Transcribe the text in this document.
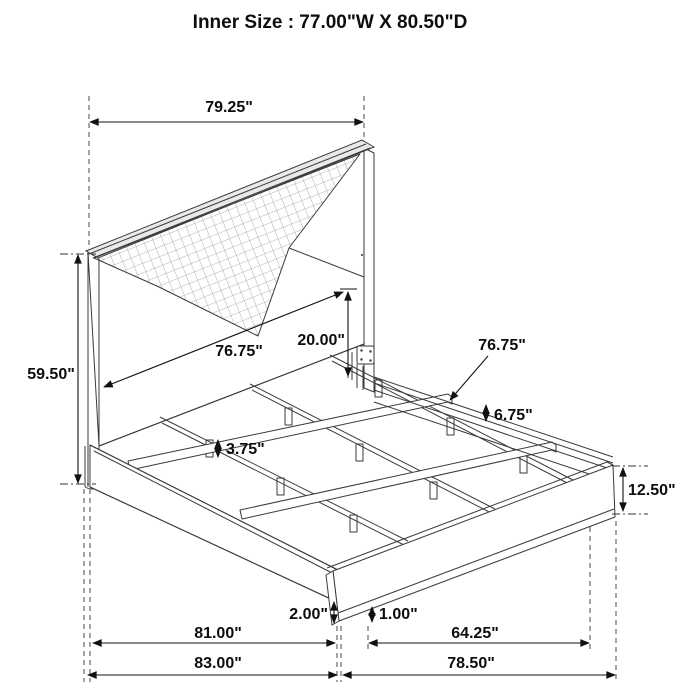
Inner Size : 77.00"W X 80.50"D
79.25"
59.50"
76.75"
20.00"	76.75"
6.75"
3.75"
12.50"
2.00"	1.00"
81.00"	64.25"
83.00"	78.50"
